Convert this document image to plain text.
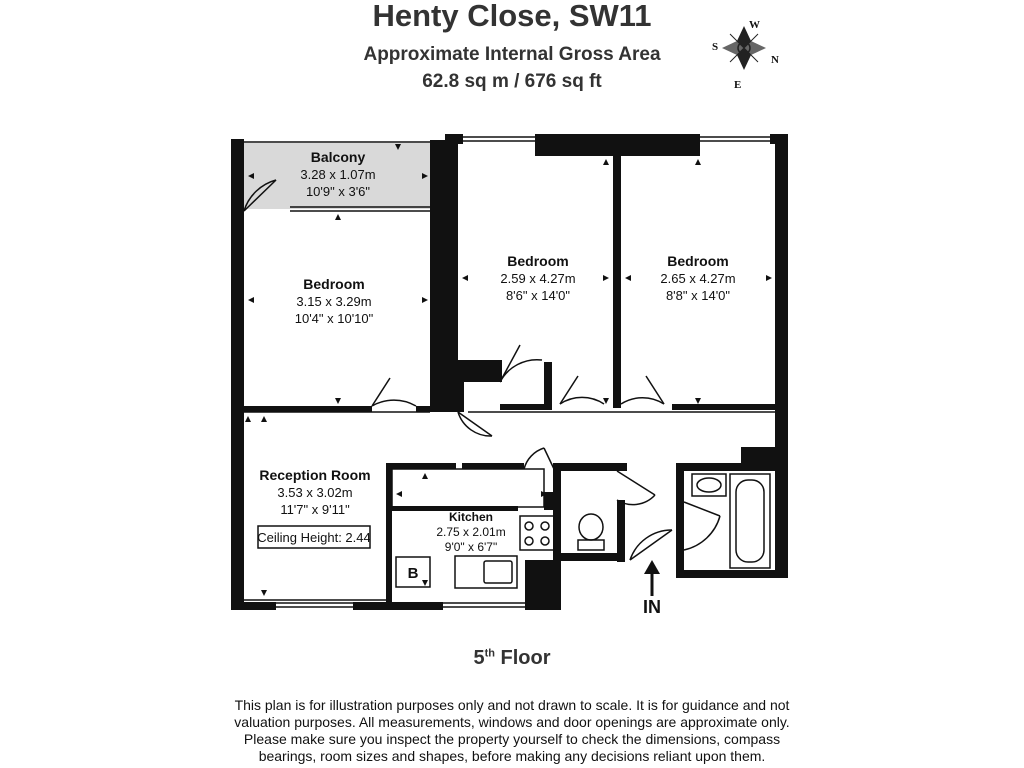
Henty Close, SW11
Approximate Internal Gross Area
62.8 sq m / 676 sq ft
W
S
N
E
Balcony
3.28 x 1.07m
10'9" x 3'6"
Bedroom
3.15 x 3.29m
10'4" x 10'10"
Bedroom
2.59 x 4.27m
8'6" x 14'0"
Bedroom
2.65 x 4.27m
8'8" x 14'0"
Reception Room
3.53 x 3.02m
11'7" x 9'11"	Kitchen
2.75 x 2.01m
9'0" x 6'7"
Ceiling Height: 2.44
B
IN
5th Floor
This plan is for illustration purposes only and not drawn to scale. It is for guidance and not
valuation purposes. All measurements, windows and door openings are approximate only.
Please make sure you inspect the property yourself to check the dimensions, compass
bearings, room sizes and shapes, before making any decisions reliant upon them.
